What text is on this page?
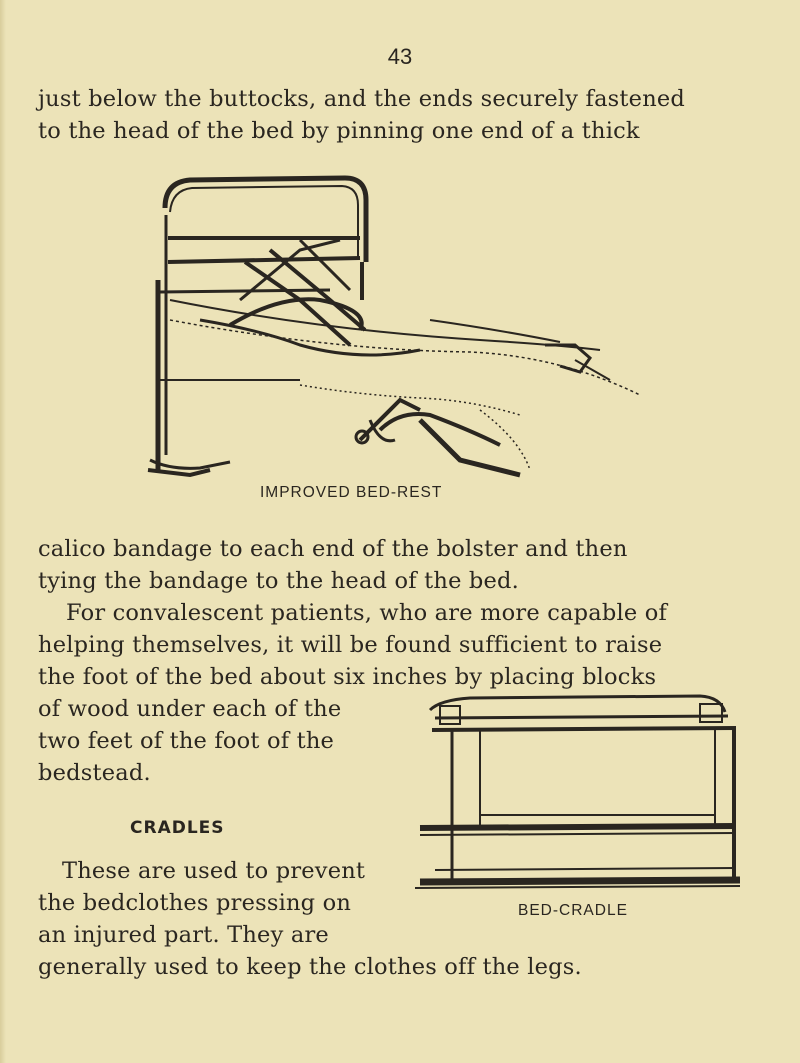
43
just below the buttocks, and the ends securely fastened
to the head of the bed by pinning one end of a thick
IMPROVED BED-REST
calico bandage to each end of the bolster and then
tying the bandage to the head of the bed.
For convalescent patients, who are more capable of
helping themselves, it will be found sufficient to raise
the foot of the bed about six inches by placing blocks
of wood under each of the
two feet of the foot of the
bedstead.
BED-CRADLE
CRADLES
These are used to prevent
the bedclothes pressing on
an injured part. They are
generally used to keep the clothes off the legs.
